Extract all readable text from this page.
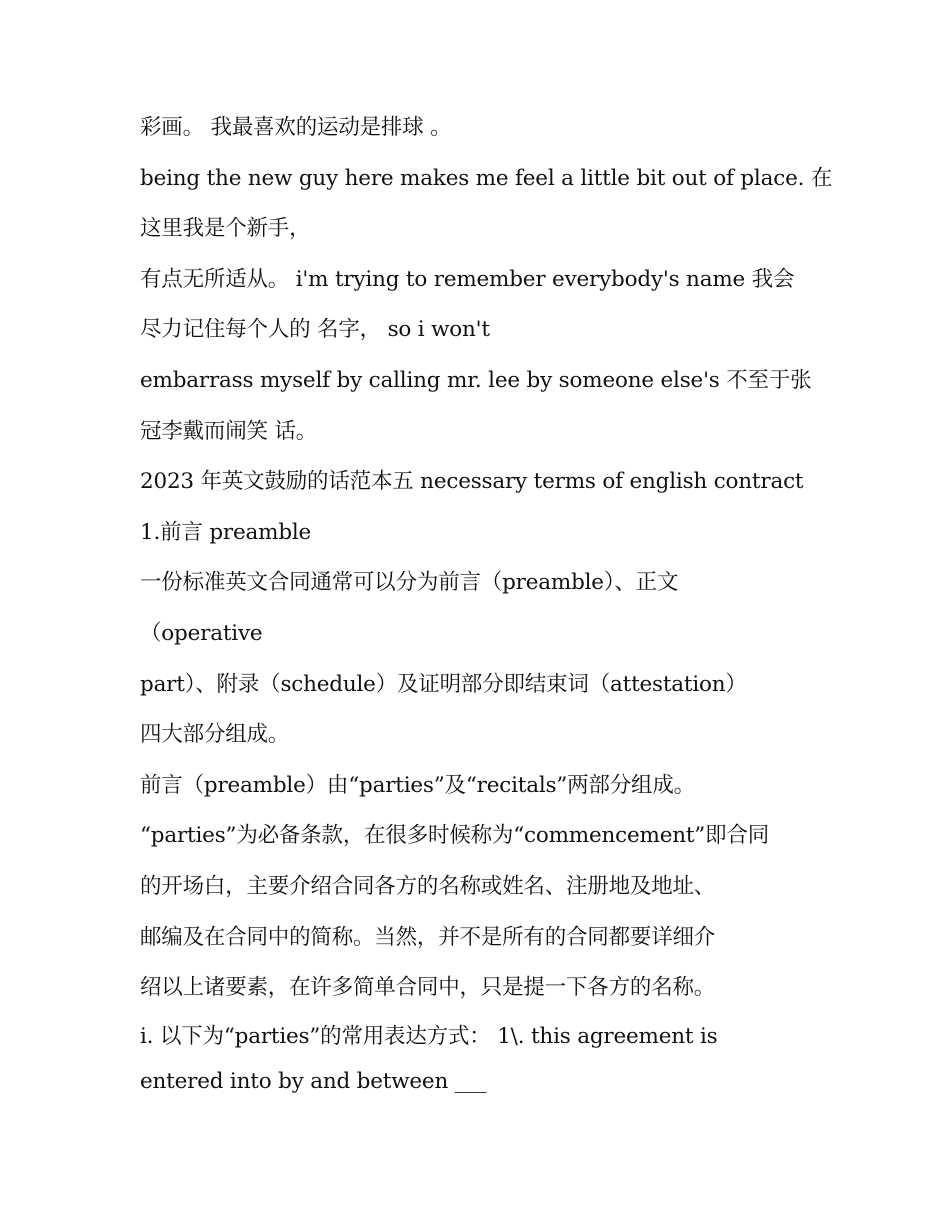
彩画。 我最喜欢的运动是排球 。
being the new guy here makes me feel a little bit out of place. 在
这里我是个新手，
有点无所适从。 i'm trying to remember everybody's name 我会
尽力记住每个人的 名字， so i won't
embarrass myself by calling mr. lee by someone else's 不至于张
冠李戴而闹笑 话。
2023 年英文鼓励的话范本五 necessary terms of english contract
1.前言 preamble
一份标准英文合同通常可以分为前言（preamble）、正文
（operative
part）、附录（schedule）及证明部分即结束词（attestation）
四大部分组成。
前言（preamble）由“parties”及“recitals”两部分组成。
“parties”为必备条款，在很多时候称为“commencement”即合同
的开场白，主要介绍合同各方的名称或姓名、注册地及地址、
邮编及在合同中的简称。当然，并不是所有的合同都要详细介
绍以上诸要素，在许多简单合同中，只是提一下各方的名称。
i. 以下为“parties”的常用表达方式： 1\. this agreement is
entered into by and between ___
